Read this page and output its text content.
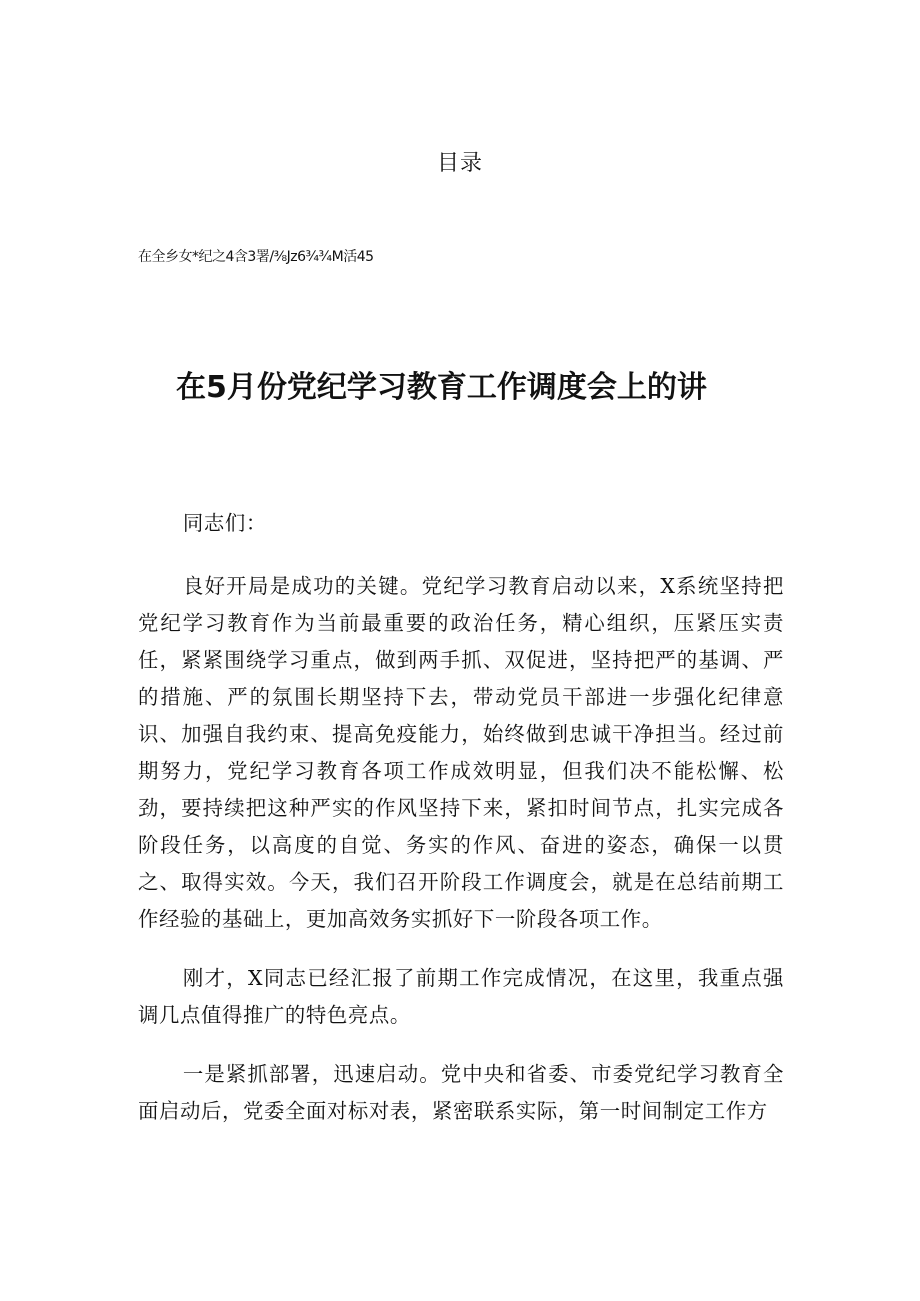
目录
在全乡女*纪之4含3署/⅜Jz6¾¾M活45
在5月份党纪学习教育工作调度会上的讲

同志们：

良好开局是成功的关键。党纪学习教育启动以来，X系统坚持把党纪学习教育作为当前最重要的政治任务，精心组织，压紧压实责任，紧紧围绕学习重点，做到两手抓、双促进，坚持把严的基调、严的措施、严的氛围长期坚持下去，带动党员干部进一步强化纪律意识、加强自我约束、提高免疫能力，始终做到忠诚干净担当。经过前期努力，党纪学习教育各项工作成效明显，但我们决不能松懈、松劲，要持续把这种严实的作风坚持下来，紧扣时间节点，扎实完成各阶段任务，以高度的自觉、务实的作风、奋进的姿态，确保一以贯之、取得实效。今天，我们召开阶段工作调度会，就是在总结前期工作经验的基础上，更加高效务实抓好下一阶段各项工作。

刚才，X同志已经汇报了前期工作完成情况，在这里，我重点强调几点值得推广的特色亮点。

一是紧抓部署，迅速启动。党中央和省委、市委党纪学习教育全面启动后，党委全面对标对表，紧密联系实际，第一时间制定工作方
